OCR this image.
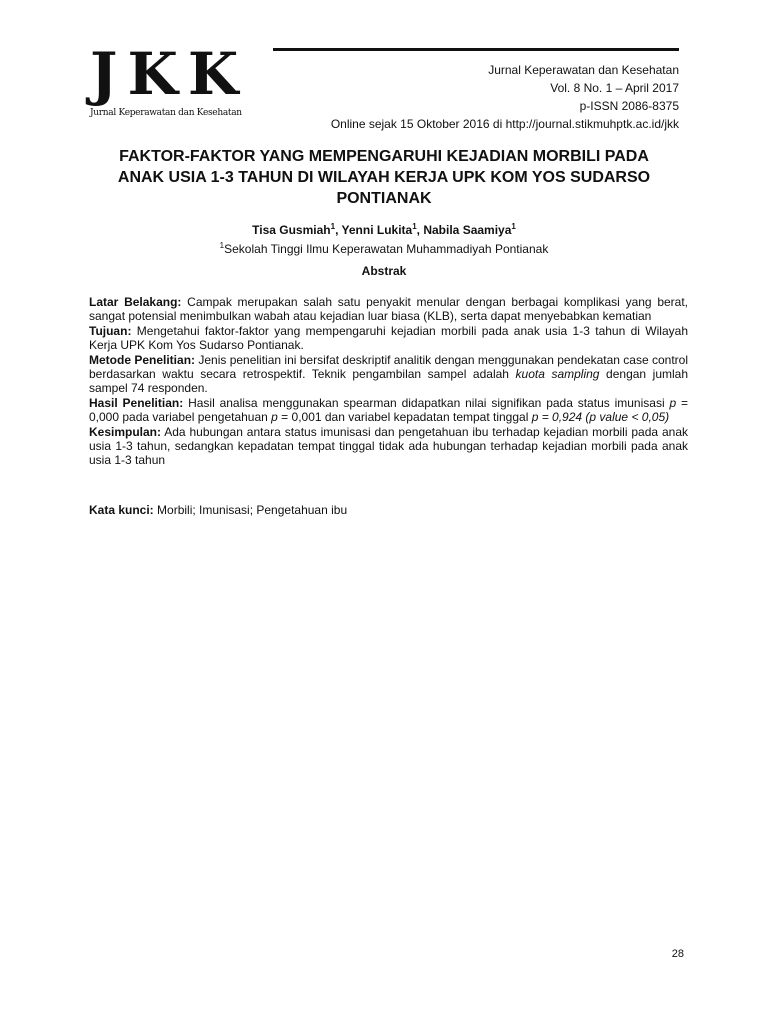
JKK
Jurnal Keperawatan dan Kesehatan
Jurnal Keperawatan dan Kesehatan
Vol. 8 No. 1 – April 2017
p-ISSN 2086-8375
Online sejak 15 Oktober 2016 di http://journal.stikmuhptk.ac.id/jkk
FAKTOR-FAKTOR YANG MEMPENGARUHI KEJADIAN MORBILI PADA
ANAK USIA 1-3 TAHUN DI WILAYAH KERJA UPK KOM YOS SUDARSO
PONTIANAK
Tisa Gusmiah$^1$, Yenni Lukita$^1$, Nabila Saamiya$^1$
$^1$Sekolah Tinggi Ilmu Keperawatan Muhammadiyah Pontianak
Abstrak

Latar Belakang: Campak merupakan salah satu penyakit menular dengan berbagai komplikasi yang berat, sangat potensial menimbulkan wabah atau kejadian luar biasa (KLB), serta dapat menyebabkan kematian

Tujuan: Mengetahui faktor-faktor yang mempengaruhi kejadian morbili pada anak usia 1-3 tahun di Wilayah Kerja UPK Kom Yos Sudarso Pontianak.

Metode Penelitian: Jenis penelitian ini bersifat deskriptif analitik dengan menggunakan pendekatan case control berdasarkan waktu secara retrospektif. Teknik pengambilan sampel adalah kuota sampling dengan jumlah sampel 74 responden.

Hasil Penelitian: Hasil analisa menggunakan spearman didapatkan nilai signifikan pada status imunisasi p = 0,000 pada variabel pengetahuan p = 0,001 dan variabel kepadatan tempat tinggal p = 0,924 (p value < 0,05)

Kesimpulan: Ada hubungan antara status imunisasi dan pengetahuan ibu terhadap kejadian morbili pada anak usia 1-3 tahun, sedangkan kepadatan tempat tinggal tidak ada hubungan terhadap kejadian morbili pada anak usia 1-3 tahun

Kata kunci: Morbili; Imunisasi; Pengetahuan ibu
28
